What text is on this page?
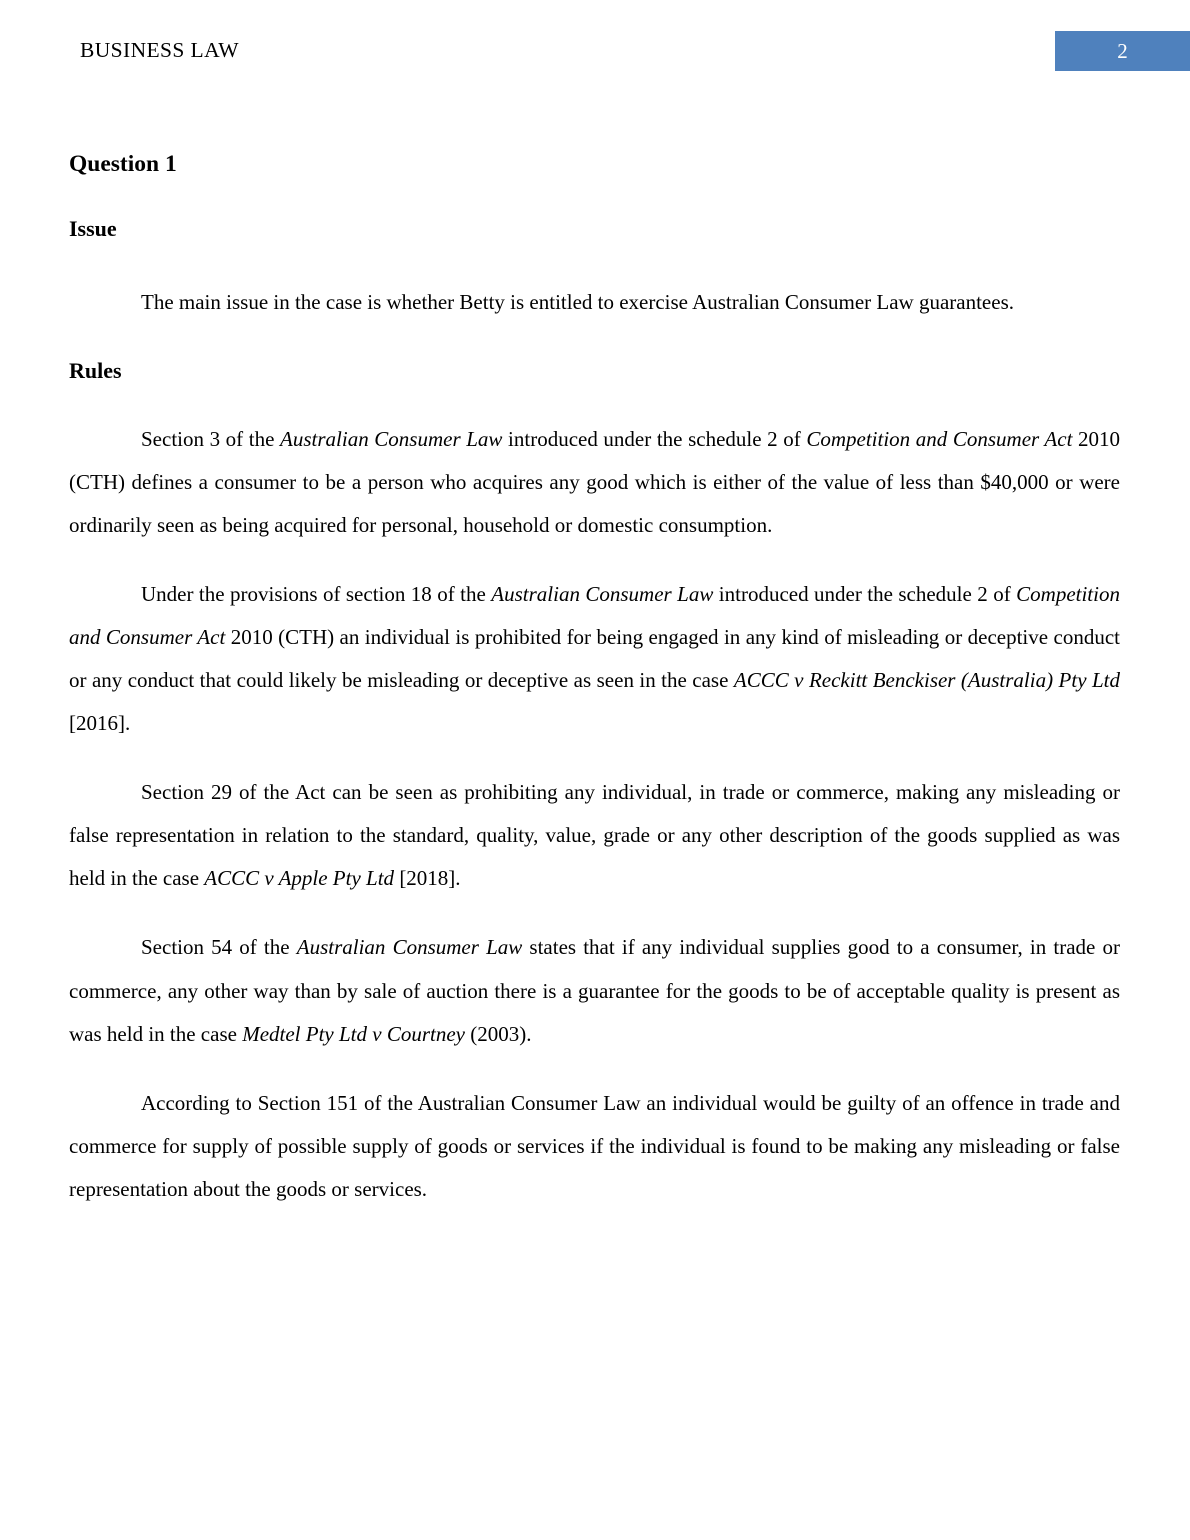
BUSINESS LAW	2
Question 1
Issue

The main issue in the case is whether Betty is entitled to exercise Australian Consumer Law guarantees.

Rules

Section 3 of the Australian Consumer Law introduced under the schedule 2 of Competition and Consumer Act 2010 (CTH) defines a consumer to be a person who acquires any good which is either of the value of less than $40,000 or were ordinarily seen as being acquired for personal, household or domestic consumption.

Under the provisions of section 18 of the Australian Consumer Law introduced under the schedule 2 of Competition and Consumer Act 2010 (CTH) an individual is prohibited for being engaged in any kind of misleading or deceptive conduct or any conduct that could likely be misleading or deceptive as seen in the case ACCC v Reckitt Benckiser (Australia) Pty Ltd [2016].

Section 29 of the Act can be seen as prohibiting any individual, in trade or commerce, making any misleading or false representation in relation to the standard, quality, value, grade or any other description of the goods supplied as was held in the case ACCC v Apple Pty Ltd [2018].

Section 54 of the Australian Consumer Law states that if any individual supplies good to a consumer, in trade or commerce, any other way than by sale of auction there is a guarantee for the goods to be of acceptable quality is present as was held in the case Medtel Pty Ltd v Courtney (2003).

According to Section 151 of the Australian Consumer Law an individual would be guilty of an offence in trade and commerce for supply of possible supply of goods or services if the individual is found to be making any misleading or false representation about the goods or services.
